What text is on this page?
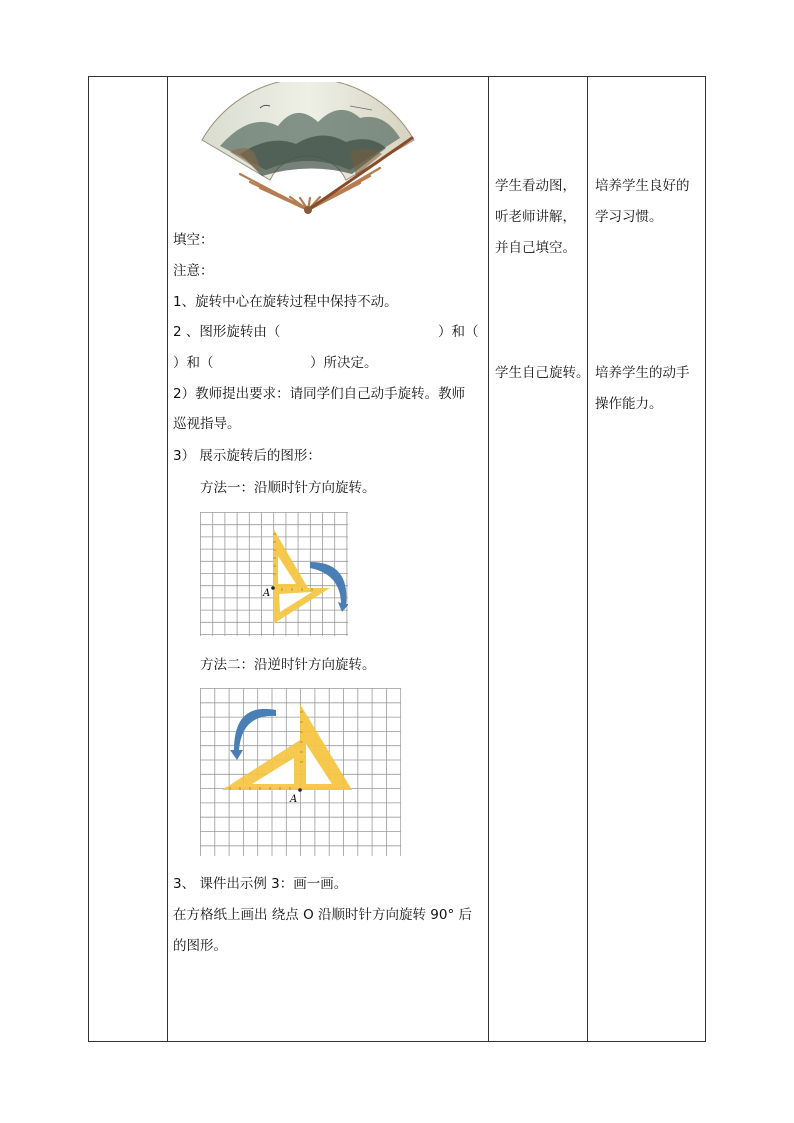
填空：
注意：
1、旋转中心在旋转过程中保持不动。
2 、图形旋转由（	）和（
）和（	）所决定。
2）教师提出要求：请同学们自己动手旋转。教师
巡视指导。
3） 展示旋转后的图形：
方法一：沿顺时针方向旋转。
A
方法二：沿逆时针方向旋转。
A
3、 课件出示例 3：画一画。
在方格纸上画出 绕点 O 沿顺时针方向旋转 90° 后
的图形。
学生看动图，
听老师讲解，
并自己填空。
学生自己旋转。
培养学生良好的
学习习惯。
培养学生的动手
操作能力。
